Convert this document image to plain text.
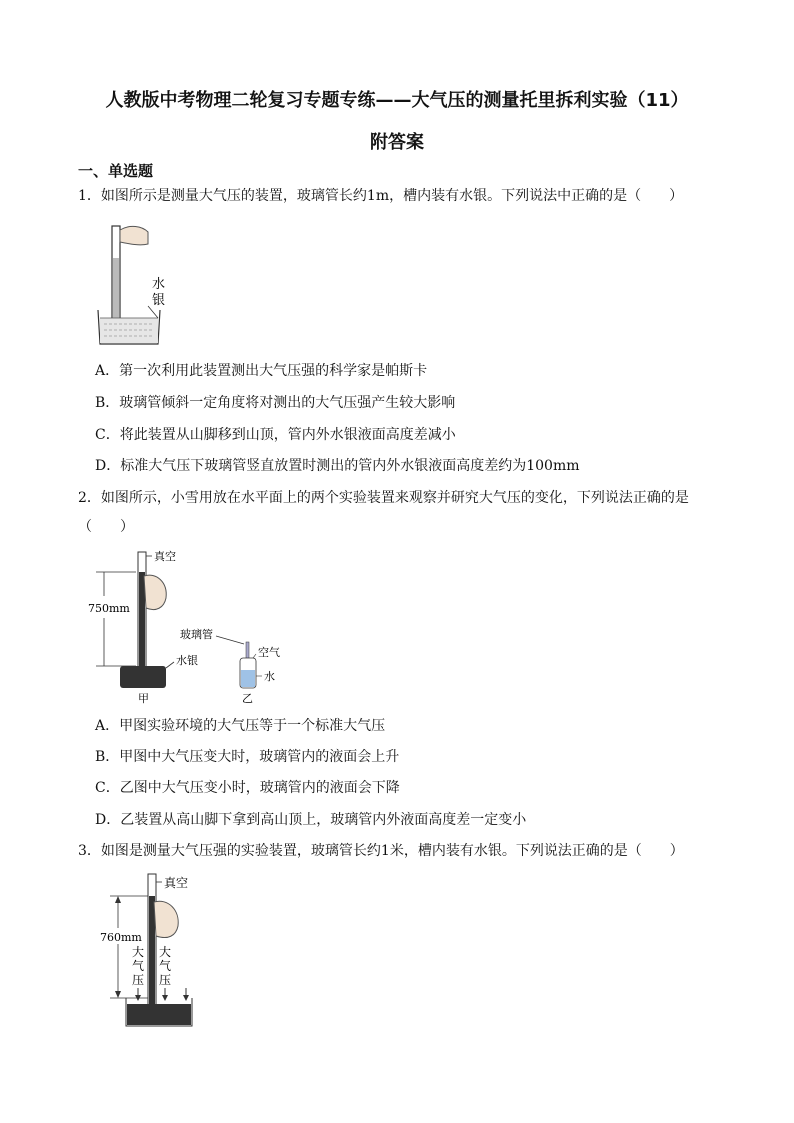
人教版中考物理二轮复习专题专练——大气压的测量托里拆利实验（11）
附答案
一、单选题
1．如图所示是测量大气压的装置，玻璃管长约1m，槽内装有水银。下列说法中正确的是（　　）
水
银
A．第一次利用此装置测出大气压强的科学家是帕斯卡
B．玻璃管倾斜一定角度将对测出的大气压强产生较大影响
C．将此装置从山脚移到山顶，管内外水银液面高度差减小
D．标准大气压下玻璃管竖直放置时测出的管内外水银液面高度差约为100mm
2．如图所示，小雪用放在水平面上的两个实验装置来观察并研究大气压的变化，下列说法正确的是
（　　）
750mm
真空
水银
甲
玻璃管
空气
水
乙
A．甲图实验环境的大气压等于一个标准大气压
B．甲图中大气压变大时，玻璃管内的液面会上升
C．乙图中大气压变小时，玻璃管内的液面会下降
D．乙装置从高山脚下拿到高山顶上，玻璃管内外液面高度差一定变小
3．如图是测量大气压强的实验装置，玻璃管长约1米，槽内装有水银。下列说法正确的是（　　）
760mm
真空
大
气
压
大
气
压
